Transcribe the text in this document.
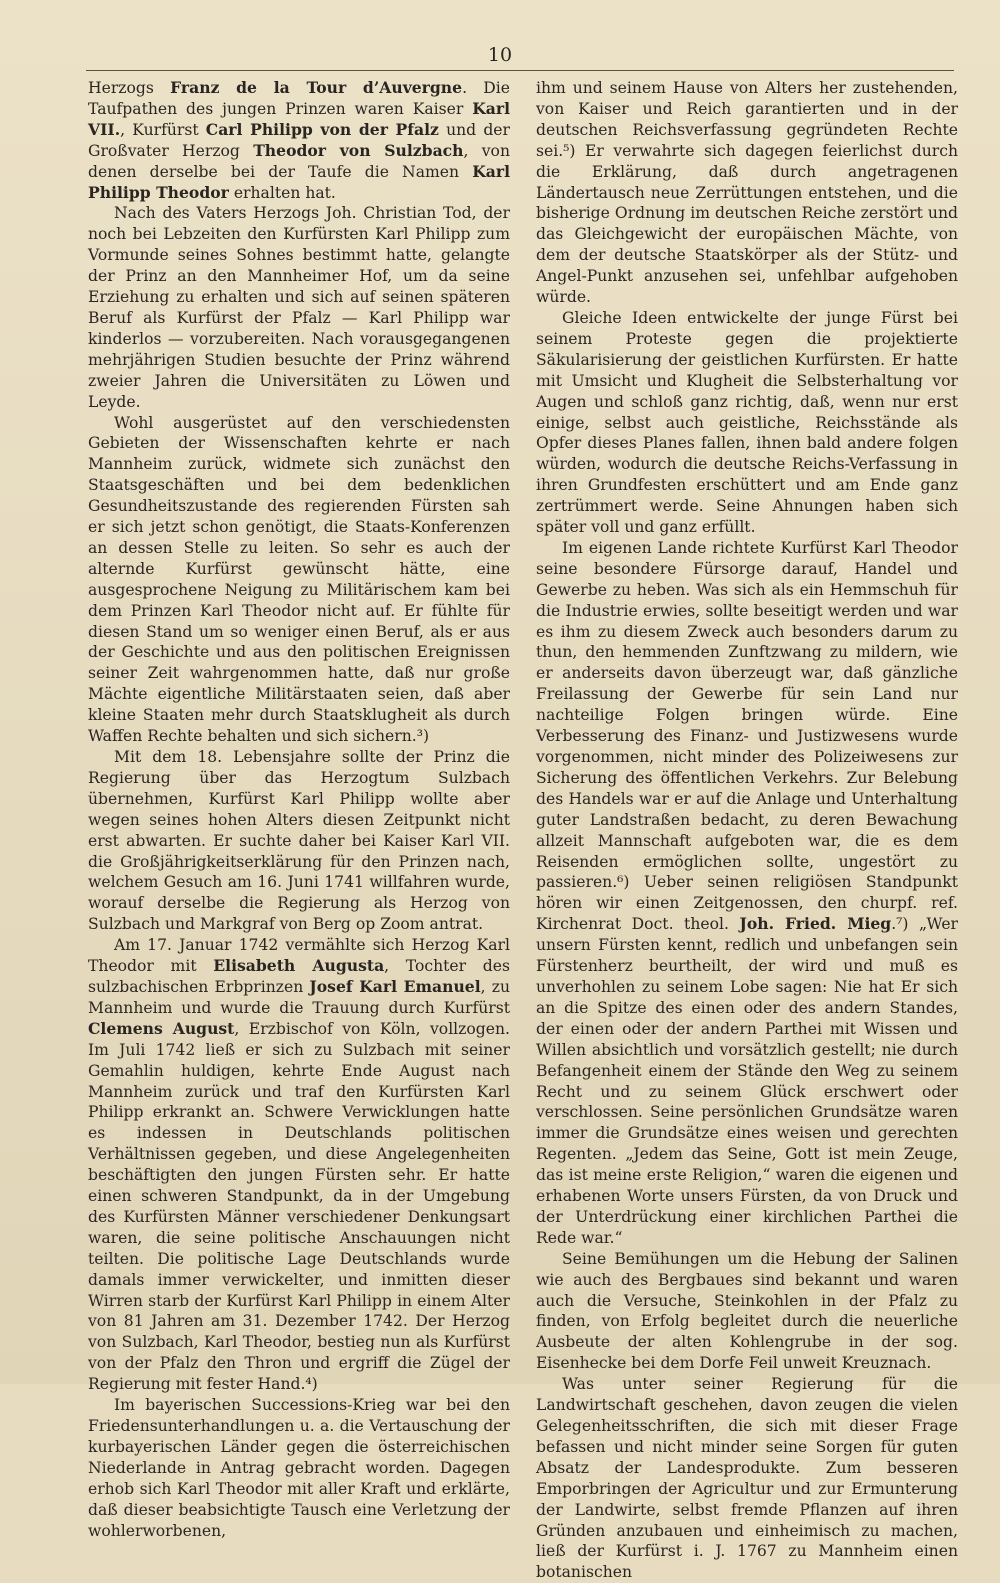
10

Herzogs Franz de la Tour d’Auvergne. Die Taufpathen des jungen Prinzen waren Kaiser Karl VII., Kurfürst Carl Philipp von der Pfalz und der Großvater Herzog Theodor von Sulzbach, von denen derselbe bei der Taufe die Namen Karl Philipp Theodor erhalten hat.

Nach des Vaters Herzogs Joh. Christian Tod, der noch bei Lebzeiten den Kurfürsten Karl Philipp zum Vormunde seines Sohnes bestimmt hatte, gelangte der Prinz an den Mannheimer Hof, um da seine Erziehung zu erhalten und sich auf seinen späteren Beruf als Kurfürst der Pfalz — Karl Philipp war kinderlos — vorzubereiten. Nach vorausgegangenen mehrjährigen Studien besuchte der Prinz während zweier Jahren die Universitäten zu Löwen und Leyde.

Wohl ausgerüstet auf den verschiedensten Gebieten der Wissenschaften kehrte er nach Mannheim zurück, widmete sich zunächst den Staatsgeschäften und bei dem bedenklichen Gesundheitszustande des regierenden Fürsten sah er sich jetzt schon genötigt, die Staats-Konferenzen an dessen Stelle zu leiten. So sehr es auch der alternde Kurfürst gewünscht hätte, eine ausgesprochene Neigung zu Militärischem kam bei dem Prinzen Karl Theodor nicht auf. Er fühlte für diesen Stand um so weniger einen Beruf, als er aus der Geschichte und aus den politischen Ereignissen seiner Zeit wahrgenommen hatte, daß nur große Mächte eigentliche Militärstaaten seien, daß aber kleine Staaten mehr durch Staatsklugheit als durch Waffen Rechte behalten und sich sichern.³)

Mit dem 18. Lebensjahre sollte der Prinz die Regierung über das Herzogtum Sulzbach übernehmen, Kurfürst Karl Philipp wollte aber wegen seines hohen Alters diesen Zeitpunkt nicht erst abwarten. Er suchte daher bei Kaiser Karl VII. die Großjährigkeitserklärung für den Prinzen nach, welchem Gesuch am 16. Juni 1741 willfahren wurde, worauf derselbe die Regierung als Herzog von Sulzbach und Markgraf von Berg op Zoom antrat.

Am 17. Januar 1742 vermählte sich Herzog Karl Theodor mit Elisabeth Augusta, Tochter des sulzbachischen Erbprinzen Josef Karl Emanuel, zu Mannheim und wurde die Trauung durch Kurfürst Clemens August, Erzbischof von Köln, vollzogen. Im Juli 1742 ließ er sich zu Sulzbach mit seiner Gemahlin huldigen, kehrte Ende August nach Mannheim zurück und traf den Kurfürsten Karl Philipp erkrankt an. Schwere Verwicklungen hatte es indessen in Deutschlands politischen Verhältnissen gegeben, und diese Angelegenheiten beschäftigten den jungen Fürsten sehr. Er hatte einen schweren Standpunkt, da in der Umgebung des Kurfürsten Männer verschiedener Denkungsart waren, die seine politische Anschauungen nicht teilten. Die politische Lage Deutschlands wurde damals immer verwickelter, und inmitten dieser Wirren starb der Kurfürst Karl Philipp in einem Alter von 81 Jahren am 31. Dezember 1742. Der Herzog von Sulzbach, Karl Theodor, bestieg nun als Kurfürst von der Pfalz den Thron und ergriff die Zügel der Regierung mit fester Hand.⁴)

Im bayerischen Successions-Krieg war bei den Friedensunterhandlungen u. a. die Vertauschung der kurbayerischen Länder gegen die österreichischen Niederlande in Antrag gebracht worden. Dagegen erhob sich Karl Theodor mit aller Kraft und erklärte, daß dieser beabsichtigte Tausch eine Verletzung der wohlerworbenen,

ihm und seinem Hause von Alters her zustehenden, von Kaiser und Reich garantierten und in der deutschen Reichsverfassung gegründeten Rechte sei.⁵) Er verwahrte sich dagegen feierlichst durch die Erklärung, daß durch angetragenen Ländertausch neue Zerrüttungen entstehen, und die bisherige Ordnung im deutschen Reiche zerstört und das Gleichgewicht der europäischen Mächte, von dem der deutsche Staatskörper als der Stütz- und Angel-Punkt anzusehen sei, unfehlbar aufgehoben würde.

Gleiche Ideen entwickelte der junge Fürst bei seinem Proteste gegen die projektierte Säkularisierung der geistlichen Kurfürsten. Er hatte mit Umsicht und Klugheit die Selbsterhaltung vor Augen und schloß ganz richtig, daß, wenn nur erst einige, selbst auch geistliche, Reichsstände als Opfer dieses Planes fallen, ihnen bald andere folgen würden, wodurch die deutsche Reichs-Verfassung in ihren Grundfesten erschüttert und am Ende ganz zertrümmert werde. Seine Ahnungen haben sich später voll und ganz erfüllt.

Im eigenen Lande richtete Kurfürst Karl Theodor seine besondere Fürsorge darauf, Handel und Gewerbe zu heben. Was sich als ein Hemmschuh für die Industrie erwies, sollte beseitigt werden und war es ihm zu diesem Zweck auch besonders darum zu thun, den hemmenden Zunftzwang zu mildern, wie er anderseits davon überzeugt war, daß gänzliche Freilassung der Gewerbe für sein Land nur nachteilige Folgen bringen würde. Eine Verbesserung des Finanz- und Justizwesens wurde vorgenommen, nicht minder des Polizeiwesens zur Sicherung des öffentlichen Verkehrs. Zur Belebung des Handels war er auf die Anlage und Unterhaltung guter Landstraßen bedacht, zu deren Bewachung allzeit Mannschaft aufgeboten war, die es dem Reisenden ermöglichen sollte, ungestört zu passieren.⁶) Ueber seinen religiösen Standpunkt hören wir einen Zeitgenossen, den churpf. ref. Kirchenrat Doct. theol. Joh. Fried. Mieg.⁷) „Wer unsern Fürsten kennt, redlich und unbefangen sein Fürstenherz beurtheilt, der wird und muß es unverhohlen zu seinem Lobe sagen: Nie hat Er sich an die Spitze des einen oder des andern Standes, der einen oder der andern Parthei mit Wissen und Willen absichtlich und vorsätzlich gestellt; nie durch Befangenheit einem der Stände den Weg zu seinem Recht und zu seinem Glück erschwert oder verschlossen. Seine persönlichen Grundsätze waren immer die Grundsätze eines weisen und gerechten Regenten. „Jedem das Seine, Gott ist mein Zeuge, das ist meine erste Religion,“ waren die eigenen und erhabenen Worte unsers Fürsten, da von Druck und der Unterdrückung einer kirchlichen Parthei die Rede war.“

Seine Bemühungen um die Hebung der Salinen wie auch des Bergbaues sind bekannt und waren auch die Versuche, Steinkohlen in der Pfalz zu finden, von Erfolg begleitet durch die neuerliche Ausbeute der alten Kohlengrube in der sog. Eisenhecke bei dem Dorfe Feil unweit Kreuznach.

Was unter seiner Regierung für die Landwirtschaft geschehen, davon zeugen die vielen Gelegenheitsschriften, die sich mit dieser Frage befassen und nicht minder seine Sorgen für guten Absatz der Landesprodukte. Zum besseren Emporbringen der Agricultur und zur Ermunterung der Landwirte, selbst fremde Pflanzen auf ihren Gründen anzubauen und einheimisch zu machen, ließ der Kurfürst i. J. 1767 zu Mannheim einen botanischen
